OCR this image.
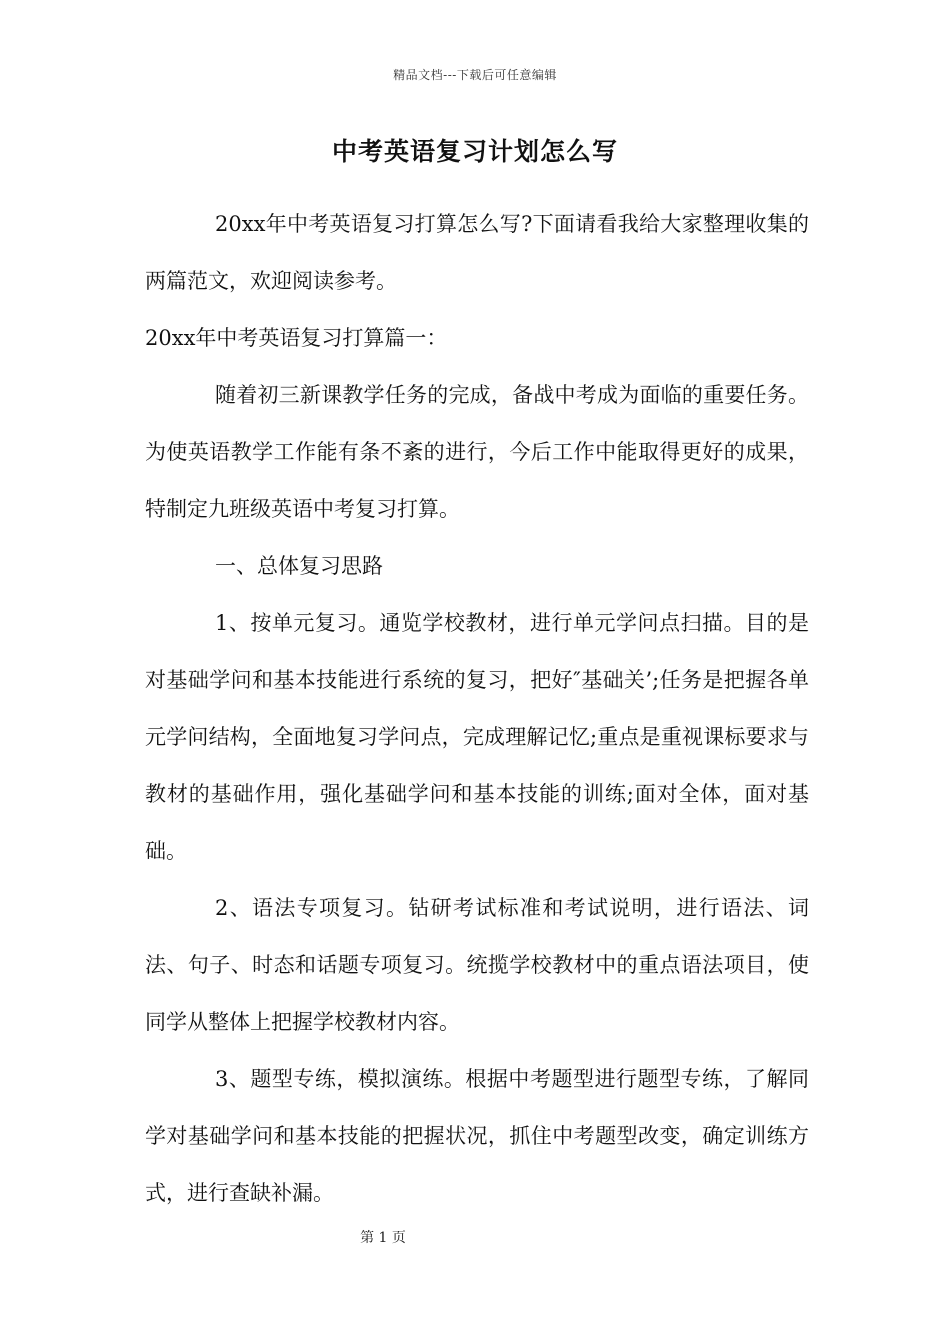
精品文档---下载后可任意编辑
中考英语复习计划怎么写

20xx年中考英语复习打算怎么写?下面请看我给大家整理收集的两篇范文，欢迎阅读参考。

20xx年中考英语复习打算篇一：

随着初三新课教学任务的完成，备战中考成为面临的重要任务。为使英语教学工作能有条不紊的进行，今后工作中能取得更好的成果，特制定九班级英语中考复习打算。

一、总体复习思路

1、按单元复习。通览学校教材，进行单元学问点扫描。目的是对基础学问和基本技能进行系统的复习，把好″基础关’;任务是把握各单元学问结构，全面地复习学问点，完成理解记忆;重点是重视课标要求与教材的基础作用，强化基础学问和基本技能的训练;面对全体，面对基础。

2、语法专项复习。钻研考试标准和考试说明，进行语法、词法、句子、时态和话题专项复习。统揽学校教材中的重点语法项目，使同学从整体上把握学校教材内容。

3、题型专练，模拟演练。根据中考题型进行题型专练，了解同学对基础学问和基本技能的把握状况，抓住中考题型改变，确定训练方式，进行查缺补漏。

第 1 页
